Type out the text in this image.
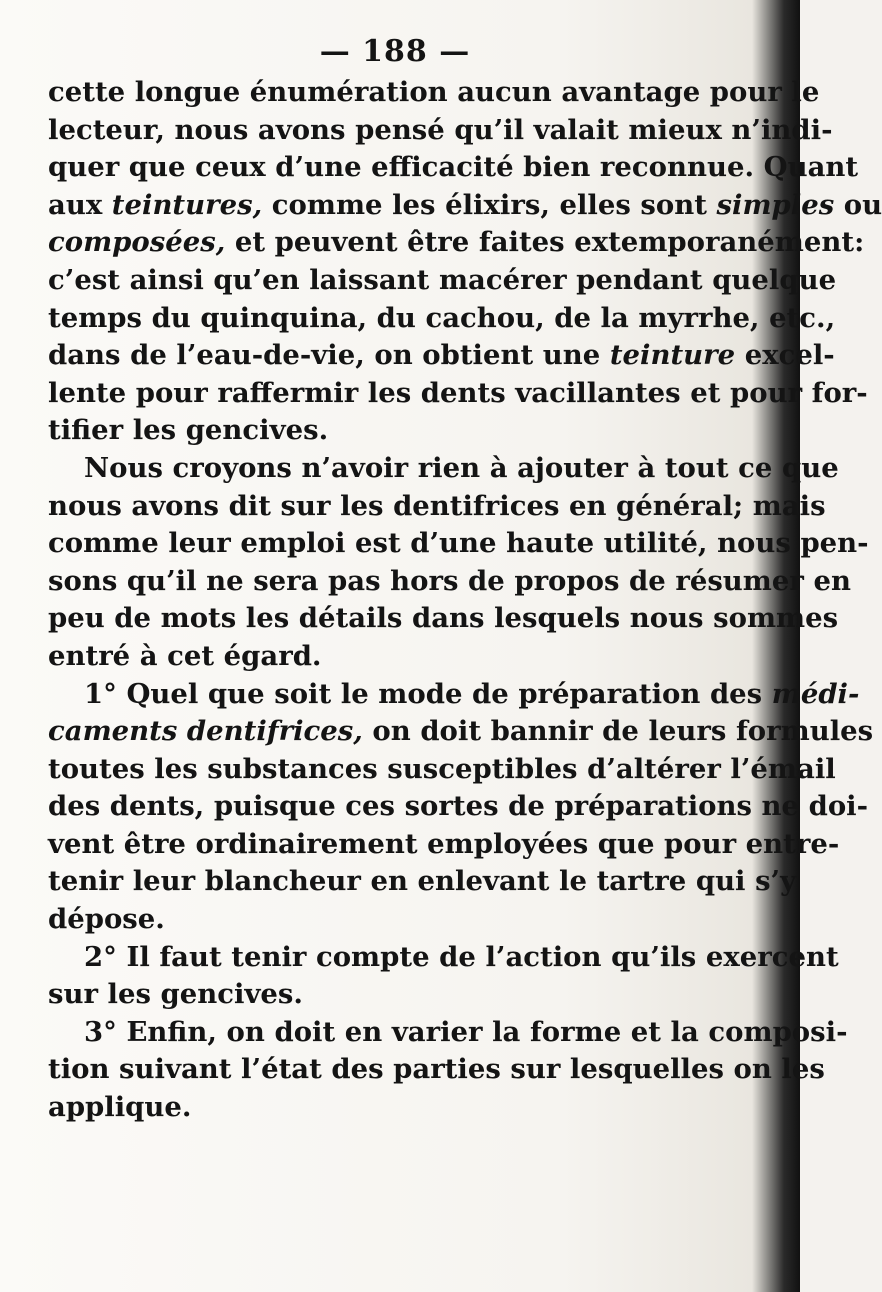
— 188 —
cette longue énumération aucun avantage pour le
lecteur, nous avons pensé qu’il valait mieux n’indi-
quer que ceux d’une efficacité bien reconnue. Quant
aux teintures, comme les élixirs, elles sont simples ou
composées, et peuvent être faites extemporanément:
c’est ainsi qu’en laissant macérer pendant quelque
temps du quinquina, du cachou, de la myrrhe, etc.,
dans de l’eau-de-vie, on obtient une teinture excel-
lente pour raffermir les dents vacillantes et pour for-
tifier les gencives.
Nous croyons n’avoir rien à ajouter à tout ce que
nous avons dit sur les dentifrices en général; mais
comme leur emploi est d’une haute utilité, nous pen-
sons qu’il ne sera pas hors de propos de résumer en
peu de mots les détails dans lesquels nous sommes
entré à cet égard.
1° Quel que soit le mode de préparation des médi-
caments dentifrices, on doit bannir de leurs formules
toutes les substances susceptibles d’altérer l’émail
des dents, puisque ces sortes de préparations ne doi-
vent être ordinairement employées que pour entre-
tenir leur blancheur en enlevant le tartre qui s’y
dépose.
2° Il faut tenir compte de l’action qu’ils exercent
sur les gencives.
3° Enfin, on doit en varier la forme et la composi-
tion suivant l’état des parties sur lesquelles on les
applique.
